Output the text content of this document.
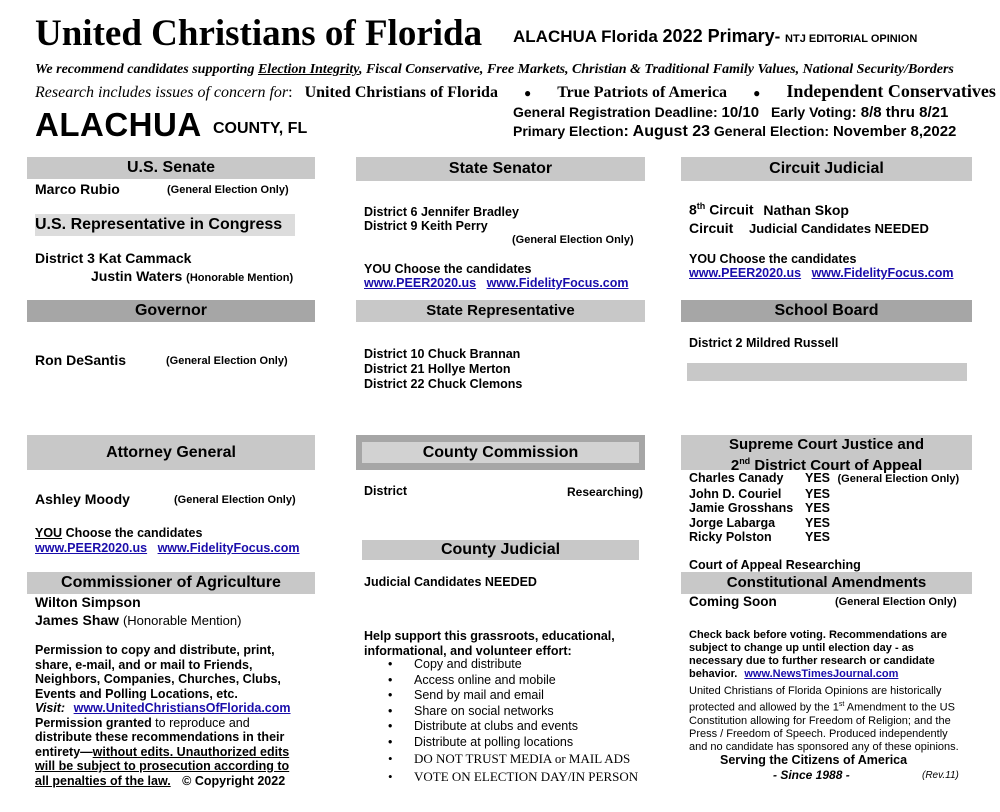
United Christians of Florida ALACHUA Florida 2022 Primary- NTJ EDITORIAL OPINION
We recommend candidates supporting Election Integrity, Fiscal Conservative, Free Markets, Christian & Traditional Family Values, National Security/Borders
Research includes issues of concern for: United Christians of Florida ● True Patriots of America ● Independent Conservatives
ALACHUA COUNTY, FL
General Registration Deadline: 10/10 Early Voting: 8/8 thru 8/21
Primary Election: August 23 General Election: November 8,2022
U.S. Senate
Marco Rubio	(General Election Only)
U.S. Representative in Congress
District 3 Kat Cammack
Justin Waters (Honorable Mention)
Governor
Ron DeSantis	(General Election Only)
Attorney General
Ashley Moody	(General Election Only)
YOU Choose the candidates
www.PEER2020.us www.FidelityFocus.com
Commissioner of Agriculture
Wilton Simpson
James Shaw (Honorable Mention)
Permission to copy and distribute, print,
share, e-mail, and or mail to Friends,
Neighbors, Companies, Churches, Clubs,
Events and Polling Locations, etc.
Visit: www.UnitedChristiansOfFlorida.com
Permission granted to reproduce and
distribute these recommendations in their
entirety—without edits. Unauthorized edits
will be subject to prosecution according to
all penalties of the law. © Copyright 2022
State Senator
District 6 Jennifer Bradley
District 9 Keith Perry
(General Election Only)
YOU Choose the candidates
www.PEER2020.us www.FidelityFocus.com
State Representative
District 10 Chuck Brannan
District 21 Hollye Merton
District 22 Chuck Clemons
County Commission
District	Researching)
County Judicial
Judicial Candidates NEEDED
Help support this grassroots, educational,
informational, and volunteer effort:
• Copy and distribute
• Access online and mobile
• Send by mail and email
• Share on social networks
• Distribute at clubs and events
• Distribute at polling locations
• DO NOT TRUST MEDIA or MAIL ADS
• VOTE ON ELECTION DAY/IN PERSON
Circuit Judicial
8th Circuit Nathan Skop
Circuit Judicial Candidates NEEDED
YOU Choose the candidates
www.PEER2020.us www.FidelityFocus.com
School Board
District 2 Mildred Russell
Supreme Court Justice and
2nd District Court of Appeal
Charles Canady YES (General Election Only)
John D. Couriel YES
Jamie Grosshans YES
Jorge Labarga YES
Ricky Polston	YES
Court of Appeal Researching
Constitutional Amendments
Coming Soon	(General Election Only)
Check back before voting. Recommendations are
subject to change up until election day - as
necessary due to further research or candidate
behavior. www.NewsTimesJournal.com
United Christians of Florida Opinions are historically
protected and allowed by the 1st Amendment to the US
Constitution allowing for Freedom of Religion; and the
Press / Freedom of Speech. Produced independently
and no candidate has sponsored any of these opinions.
Serving the Citizens of America
- Since 1988 -	(Rev.11)
